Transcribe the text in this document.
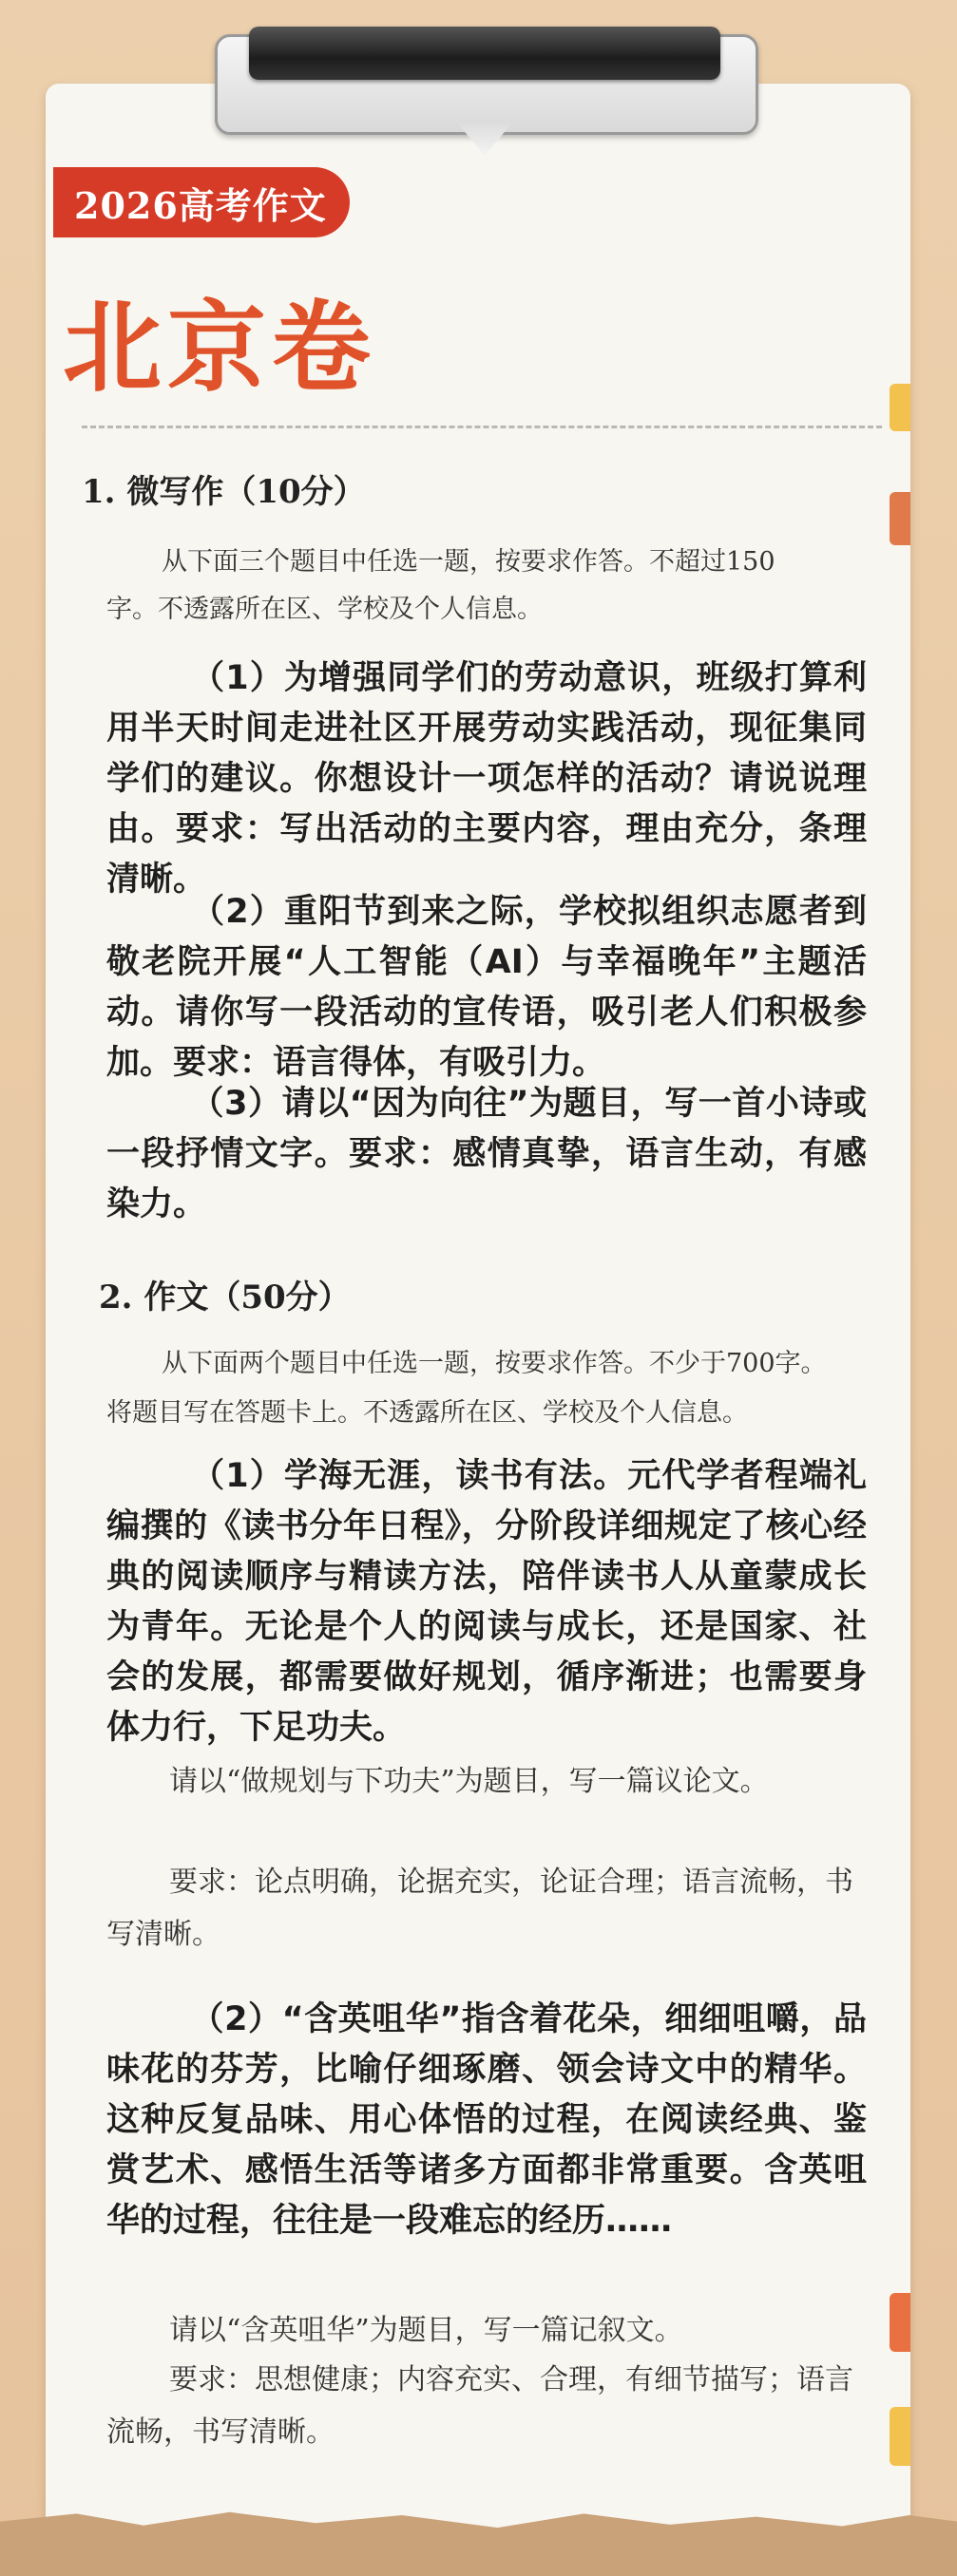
2026高考作文
北京卷
1. 微写作（10分）
从下面三个题目中任选一题，按要求作答。不超过150
字。不透露所在区、学校及个人信息。
（1）为增强同学们的劳动意识，班级打算利用半天时间走进社区开展劳动实践活动，现征集同学们的建议。你想设计一项怎样的活动？请说说理由。要求：写出活动的主要内容，理由充分，条理清晰。
（2）重阳节到来之际，学校拟组织志愿者到敬老院开展“人工智能（AI）与幸福晚年”主题活动。请你写一段活动的宣传语，吸引老人们积极参加。要求：语言得体，有吸引力。
（3）请以“因为向往”为题目，写一首小诗或一段抒情文字。要求：感情真挚，语言生动，有感染力。
2. 作文（50分）
从下面两个题目中任选一题，按要求作答。不少于700字。
将题目写在答题卡上。不透露所在区、学校及个人信息。
（1）学海无涯，读书有法。元代学者程端礼编撰的《读书分年日程》，分阶段详细规定了核心经典的阅读顺序与精读方法，陪伴读书人从童蒙成长为青年。无论是个人的阅读与成长，还是国家、社会的发展，都需要做好规划，循序渐进；也需要身体力行，下足功夫。
请以“做规划与下功夫”为题目，写一篇议论文。
要求：论点明确，论据充实，论证合理；语言流畅，书写清晰。
（2）“含英咀华”指含着花朵，细细咀嚼，品味花的芬芳，比喻仔细琢磨、领会诗文中的精华。这种反复品味、用心体悟的过程，在阅读经典、鉴赏艺术、感悟生活等诸多方面都非常重要。含英咀华的过程，往往是一段难忘的经历……
请以“含英咀华”为题目，写一篇记叙文。
要求：思想健康；内容充实、合理，有细节描写；语言流畅，书写清晰。
